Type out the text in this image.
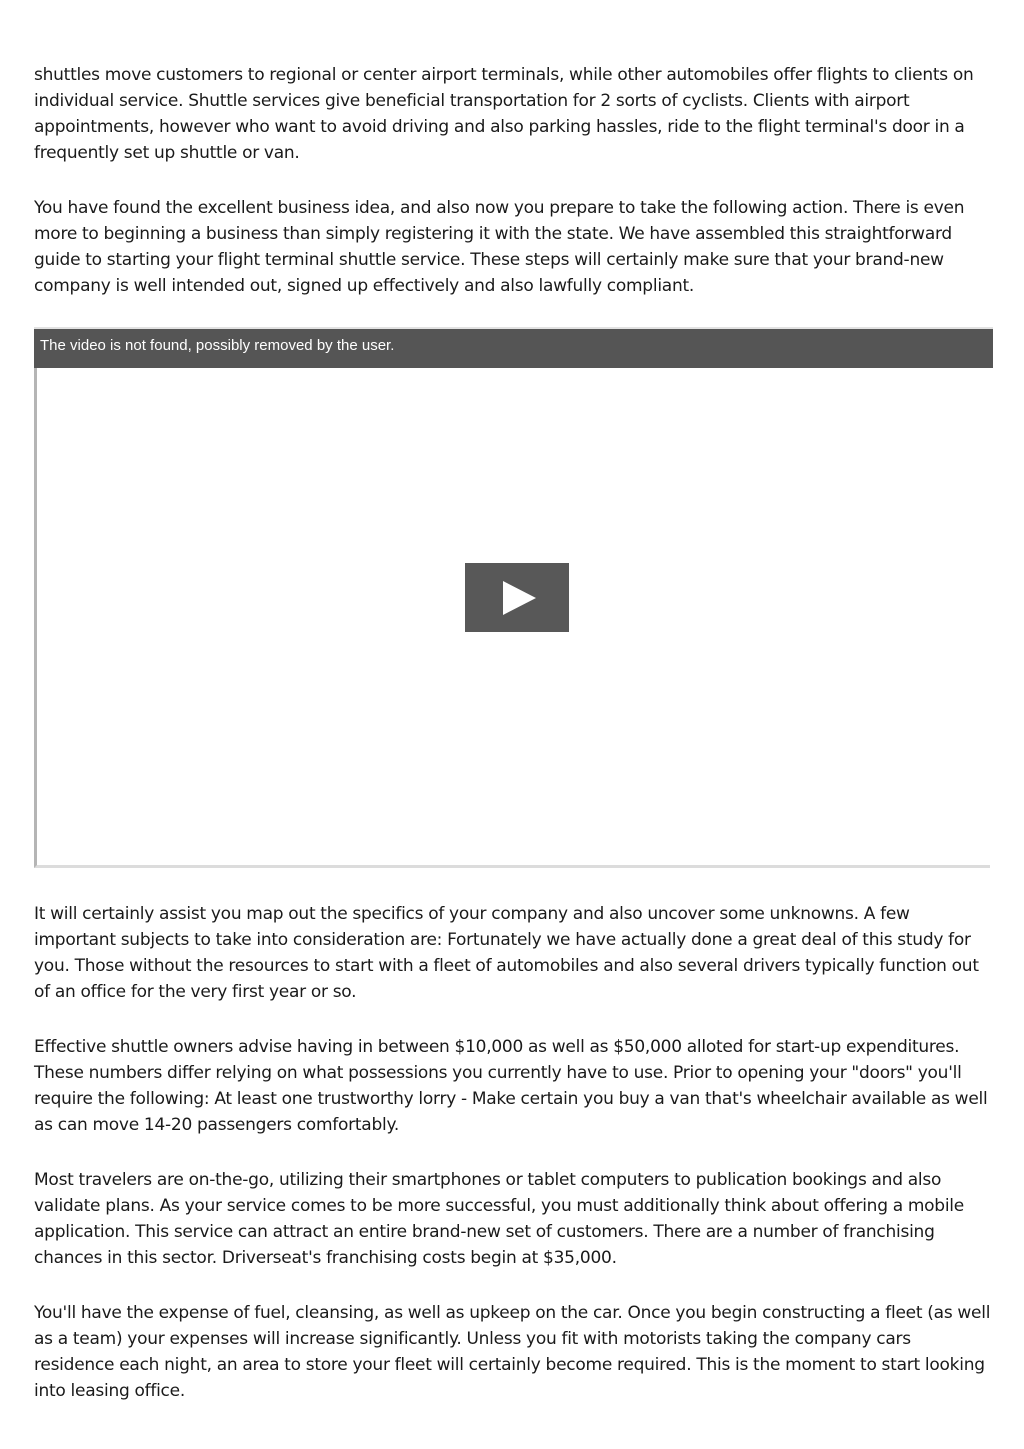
shuttles move customers to regional or center airport terminals, while other automobiles offer flights to clients on individual service. Shuttle services give beneficial transportation for 2 sorts of cyclists. Clients with airport appointments, however who want to avoid driving and also parking hassles, ride to the flight terminal's door in a frequently set up shuttle or van.

You have found the excellent business idea, and also now you prepare to take the following action. There is even more to beginning a business than simply registering it with the state. We have assembled this straightforward guide to starting your flight terminal shuttle service. These steps will certainly make sure that your brand-new company is well intended out, signed up effectively and also lawfully compliant.

The video is not found, possibly removed by the user.

It will certainly assist you map out the specifics of your company and also uncover some unknowns. A few important subjects to take into consideration are: Fortunately we have actually done a great deal of this study for you. Those without the resources to start with a fleet of automobiles and also several drivers typically function out of an office for the very first year or so.

Effective shuttle owners advise having in between $10,000 as well as $50,000 alloted for start-up expenditures. These numbers differ relying on what possessions you currently have to use. Prior to opening your "doors" you'll require the following: At least one trustworthy lorry - Make certain you buy a van that's wheelchair available as well as can move 14-20 passengers comfortably.

Most travelers are on-the-go, utilizing their smartphones or tablet computers to publication bookings and also validate plans. As your service comes to be more successful, you must additionally think about offering a mobile application. This service can attract an entire brand-new set of customers. There are a number of franchising chances in this sector. Driverseat's franchising costs begin at $35,000.

You'll have the expense of fuel, cleansing, as well as upkeep on the car. Once you begin constructing a fleet (as well as a team) your expenses will increase significantly. Unless you fit with motorists taking the company cars residence each night, an area to store your fleet will certainly become required. This is the moment to start looking into leasing office.
